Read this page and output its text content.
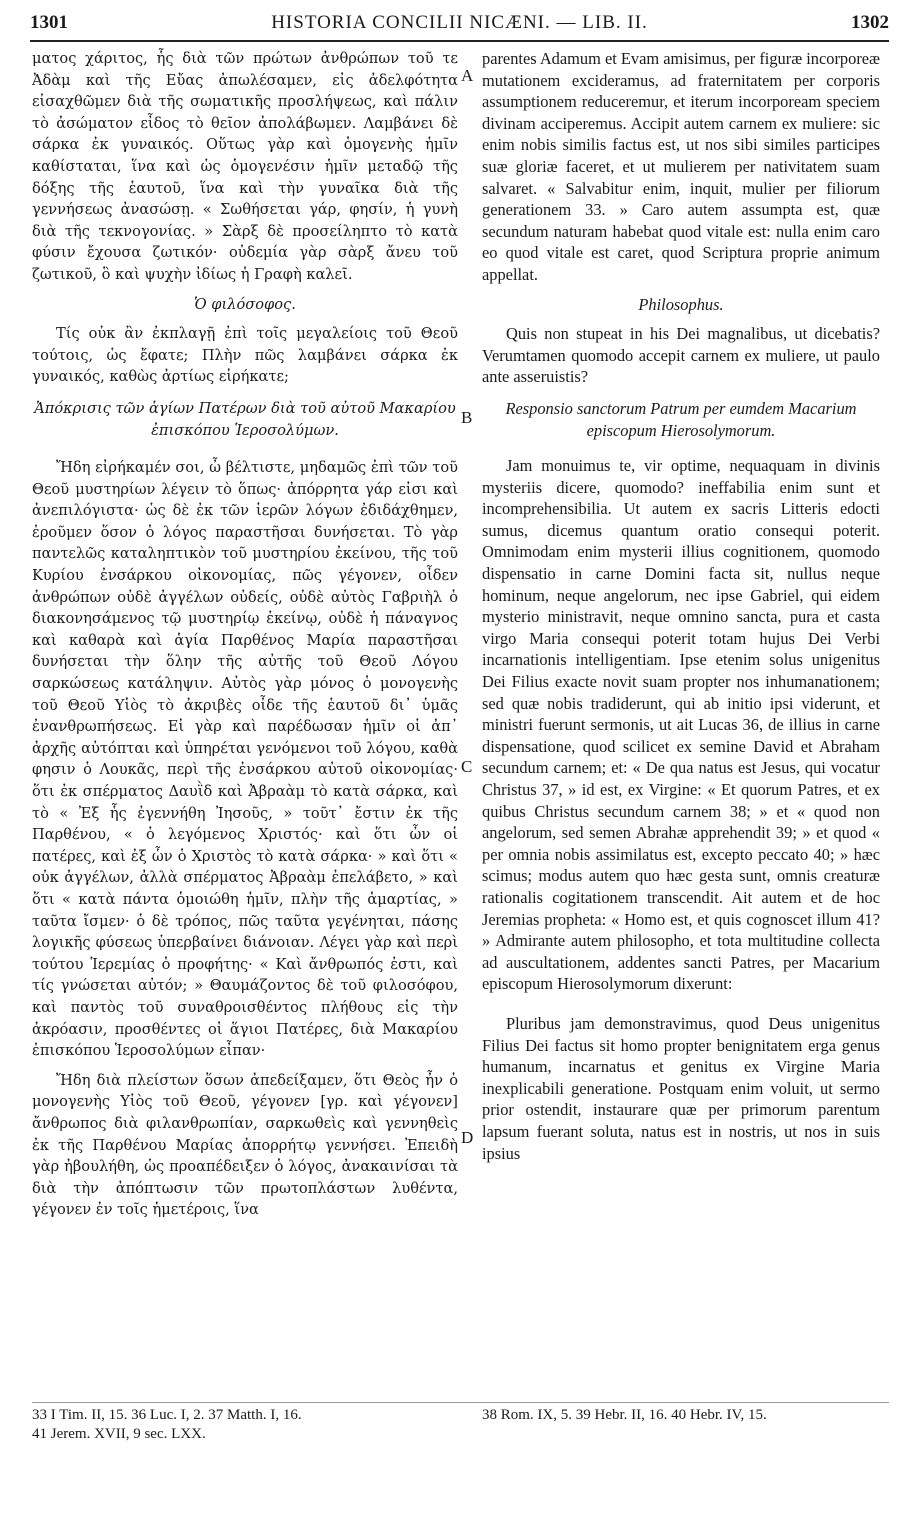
1301	HISTORIA CONCILII NICÆNI. — LIB. II.	1302

ματος χάριτος, ἧς διὰ τῶν πρώτων ἀνθρώπων τοῦ τε Ἀδὰμ καὶ τῆς Εὔας ἀπωλέσαμεν, εἰς ἀδελφότητα εἰσαχθῶμεν διὰ τῆς σωματικῆς προσλήψεως, καὶ πάλιν τὸ ἀσώματον εἶδος τὸ θεῖον ἀπολάβωμεν. Λαμβάνει δὲ σάρκα ἐκ γυναικός. Οὕτως γὰρ καὶ ὁμογενὴς ἡμῖν καθίσταται, ἵνα καὶ ὡς ὁμογενέσιν ἡμῖν μεταδῷ τῆς δόξης τῆς ἑαυτοῦ, ἵνα καὶ τὴν γυναῖκα διὰ τῆς γεννήσεως ἀνασώσῃ. « Σωθήσεται γάρ, φησίν, ἡ γυνὴ διὰ τῆς τεκνογονίας. » Σὰρξ δὲ προσείληπτο τὸ κατὰ φύσιν ἔχουσα ζωτικόν· οὐδεμία γὰρ σὰρξ ἄνευ τοῦ ζωτικοῦ, ὃ καὶ ψυχὴν ἰδίως ἡ Γραφὴ καλεῖ.

Ὁ φιλόσοφος.

Τίς οὐκ ἂν ἐκπλαγῇ ἐπὶ τοῖς μεγαλείοις τοῦ Θεοῦ τούτοις, ὡς ἔφατε; Πλὴν πῶς λαμβάνει σάρκα ἐκ γυναικός, καθὼς ἀρτίως εἰρήκατε;

Ἀπόκρισις τῶν ἁγίων Πατέρων διὰ τοῦ αὐτοῦ Μακαρίου ἐπισκόπου Ἱεροσολύμων.

Ἤδη εἰρήκαμέν σοι, ὦ βέλτιστε, μηδαμῶς ἐπὶ τῶν τοῦ Θεοῦ μυστηρίων λέγειν τὸ ὅπως· ἀπόρρητα γάρ εἰσι καὶ ἀνεπιλόγιστα· ὡς δὲ ἐκ τῶν ἱερῶν λόγων ἐδιδάχθημεν, ἐροῦμεν ὅσον ὁ λόγος παραστῆσαι δυνήσεται. Τὸ γὰρ παντελῶς καταληπτικὸν τοῦ μυστηρίου ἐκείνου, τῆς τοῦ Κυρίου ἐνσάρκου οἰκονομίας, πῶς γέγονεν, οἶδεν ἀνθρώπων οὐδὲ ἀγγέλων οὐδείς, οὐδὲ αὐτὸς Γαβριὴλ ὁ διακονησάμενος τῷ μυστηρίῳ ἐκείνῳ, οὐδὲ ἡ πάναγνος καὶ καθαρὰ καὶ ἁγία Παρθένος Μαρία παραστῆσαι δυνήσεται τὴν ὅλην τῆς αὐτῆς τοῦ Θεοῦ Λόγου σαρκώσεως κατάληψιν. Αὐτὸς γὰρ μόνος ὁ μονογενὴς τοῦ Θεοῦ Υἱὸς τὸ ἀκριβὲς οἶδε τῆς ἑαυτοῦ δι᾽ ὑμᾶς ἐνανθρωπήσεως. Εἰ γὰρ καὶ παρέδωσαν ἡμῖν οἱ ἀπ᾽ ἀρχῆς αὐτόπται καὶ ὑπηρέται γενόμενοι τοῦ λόγου, καθὰ φησιν ὁ Λουκᾶς, περὶ τῆς ἐνσάρκου αὐτοῦ οἰκονομίας· ὅτι ἐκ σπέρματος Δαυῒδ καὶ Ἀβραὰμ τὸ κατὰ σάρκα, καὶ τὸ « Ἐξ ἧς ἐγεννήθη Ἰησοῦς, » τοῦτ᾽ ἔστιν ἐκ τῆς Παρθένου, « ὁ λεγόμενος Χριστός· καὶ ὅτι ὧν οἱ πατέρες, καὶ ἐξ ὧν ὁ Χριστὸς τὸ κατὰ σάρκα· » καὶ ὅτι « οὐκ ἀγγέλων, ἀλλὰ σπέρματος Ἀβραὰμ ἐπελάβετο, » καὶ ὅτι « κατὰ πάντα ὁμοιώθη ἡμῖν, πλὴν τῆς ἁμαρτίας, » ταῦτα ἴσμεν· ὁ δὲ τρόπος, πῶς ταῦτα γεγένηται, πάσης λογικῆς φύσεως ὑπερβαίνει διάνοιαν. Λέγει γὰρ καὶ περὶ τούτου Ἱερεμίας ὁ προφήτης· « Καὶ ἄνθρωπός ἐστι, καὶ τίς γνώσεται αὐτόν; » Θαυμάζοντος δὲ τοῦ φιλοσόφου, καὶ παντὸς τοῦ συναθροισθέντος πλήθους εἰς τὴν ἀκρόασιν, προσθέντες οἱ ἅγιοι Πατέρες, διὰ Μακαρίου ἐπισκόπου Ἱεροσολύμων εἶπαν·

Ἤδη διὰ πλείστων ὅσων ἀπεδείξαμεν, ὅτι Θεὸς ἦν ὁ μονογενὴς Υἱὸς τοῦ Θεοῦ, γέγονεν [γρ. καὶ γέγονεν] ἄνθρωπος διὰ φιλανθρωπίαν, σαρκωθεὶς καὶ γεννηθεὶς ἐκ τῆς Παρθένου Μαρίας ἀπορρήτῳ γεννήσει. Ἐπειδὴ γὰρ ἠβουλήθη, ὡς προαπέδειξεν ὁ λόγος, ἀνακαινίσαι τὰ διὰ τὴν ἀπόπτωσιν τῶν πρωτοπλάστων λυθέντα, γέγονεν ἐν τοῖς ἡμετέροις, ἵνα

A
B
C
D

parentes Adamum et Evam amisimus, per figuræ incorporeæ mutationem excideramus, ad fraternitatem per corporis assumptionem reduceremur, et iterum incorpoream speciem divinam acciperemus. Accipit autem carnem ex muliere: sic enim nobis similis factus est, ut nos sibi similes participes suæ gloriæ faceret, et ut mulierem per nativitatem suam salvaret. « Salvabitur enim, inquit, mulier per filiorum generationem 33. » Caro autem assumpta est, quæ secundum naturam habebat quod vitale est: nulla enim caro eo quod vitale est caret, quod Scriptura proprie animum appellat.

Philosophus.

Quis non stupeat in his Dei magnalibus, ut dicebatis? Verumtamen quomodo accepit carnem ex muliere, ut paulo ante asseruistis?

Responsio sanctorum Patrum per eumdem Macarium episcopum Hierosolymorum.

Jam monuimus te, vir optime, nequaquam in divinis mysteriis dicere, quomodo? ineffabilia enim sunt et incomprehensibilia. Ut autem ex sacris Litteris edocti sumus, dicemus quantum oratio consequi poterit. Omnimodam enim mysterii illius cognitionem, quomodo dispensatio in carne Domini facta sit, nullus neque hominum, neque angelorum, nec ipse Gabriel, qui eidem mysterio ministravit, neque omnino sancta, pura et casta virgo Maria consequi poterit totam hujus Dei Verbi incarnationis intelligentiam. Ipse etenim solus unigenitus Dei Filius exacte novit suam propter nos inhumanationem; sed quæ nobis tradiderunt, qui ab initio ipsi viderunt, et ministri fuerunt sermonis, ut ait Lucas 36, de illius in carne dispensatione, quod scilicet ex semine David et Abraham secundum carnem; et: « De qua natus est Jesus, qui vocatur Christus 37, » id est, ex Virgine: « Et quorum Patres, et ex quibus Christus secundum carnem 38; » et « quod non angelorum, sed semen Abrahæ apprehendit 39; » et quod « per omnia nobis assimilatus est, excepto peccato 40; » hæc scimus; modus autem quo hæc gesta sunt, omnis creaturæ rationalis cogitationem transcendit. Ait autem et de hoc Jeremias propheta: « Homo est, et quis cognoscet illum 41? » Admirante autem philosopho, et tota multitudine collecta ad auscultationem, addentes sancti Patres, per Macarium episcopum Hierosolymorum dixerunt:

Pluribus jam demonstravimus, quod Deus unigenitus Filius Dei factus sit homo propter benignitatem erga genus humanum, incarnatus et genitus ex Virgine Maria inexplicabili generatione. Postquam enim voluit, ut sermo prior ostendit, instaurare quæ per primorum parentum lapsum fuerant soluta, natus est in nostris, ut nos in suis ipsius

33 I Tim. II, 15. 36 Luc. I, 2. 37 Matth. I, 16.
41 Jerem. XVII, 9 sec. LXX.
38 Rom. IX, 5. 39 Hebr. II, 16. 40 Hebr. IV, 15.
